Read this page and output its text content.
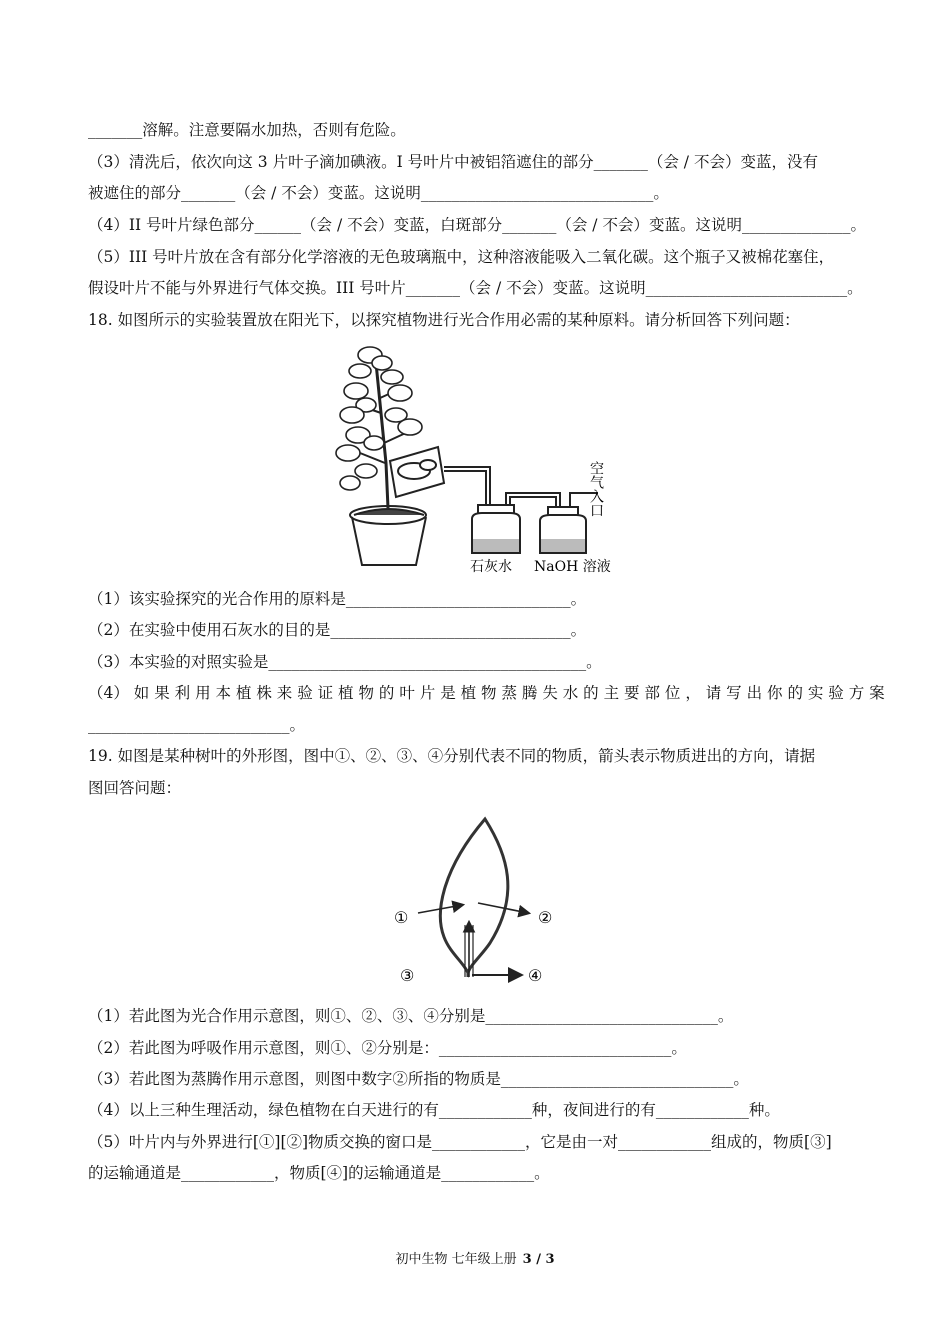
_______溶解。注意要隔水加热，否则有危险。
（3）清洗后，依次向这 3 片叶子滴加碘液。I 号叶片中被铝箔遮住的部分_______（会 / 不会）变蓝，没有
被遮住的部分_______（会 / 不会）变蓝。这说明______________________________。
（4）II 号叶片绿色部分______（会 / 不会）变蓝，白斑部分_______（会 / 不会）变蓝。这说明______________。
（5）III 号叶片放在含有部分化学溶液的无色玻璃瓶中，这种溶液能吸入二氧化碳。这个瓶子又被棉花塞住，
假设叶片不能与外界进行气体交换。III 号叶片_______（会 / 不会）变蓝。这说明__________________________。
18. 如图所示的实验装置放在阳光下，以探究植物进行光合作用必需的某种原料。请分析回答下列问题：
石灰水 NaOH 溶液
空气入口
（1）该实验探究的光合作用的原料是_____________________________。
（2）在实验中使用石灰水的目的是_______________________________。
（3）本实验的对照实验是_________________________________________。
（4） 如 果 利 用 本 植 株 来 验 证 植 物 的 叶 片 是 植 物 蒸 腾 失 水 的 主 要 部 位 ， 请 写 出 你 的 实 验 方 案
__________________________。
19. 如图是某种树叶的外形图，图中①、②、③、④分别代表不同的物质，箭头表示物质进出的方向，请据
图回答问题：
①	②
③	④
（1）若此图为光合作用示意图，则①、②、③、④分别是______________________________。
（2）若此图为呼吸作用示意图，则①、②分别是：______________________________。
（3）若此图为蒸腾作用示意图，则图中数字②所指的物质是______________________________。
（4）以上三种生理活动，绿色植物在白天进行的有____________种，夜间进行的有____________种。
（5）叶片内与外界进行[①][②]物质交换的窗口是____________，它是由一对____________组成的，物质[③]
的运输通道是____________，物质[④]的运输通道是____________。
初中生物 七年级上册 3 / 3
